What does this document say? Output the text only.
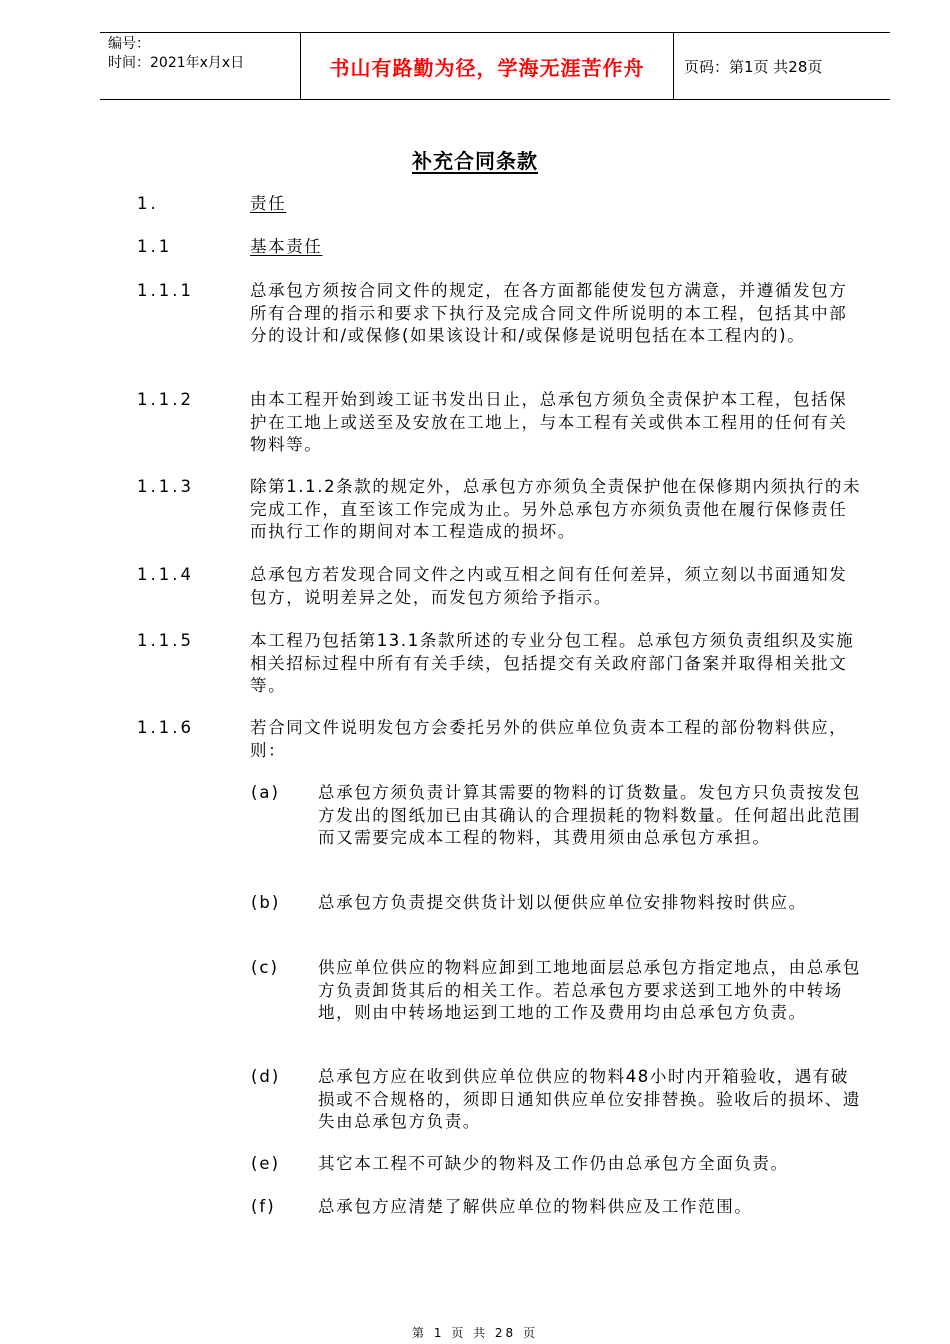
编号：
时间：2021年x月x日	书山有路勤为径，学海无涯苦作舟	页码：第1页 共28页
补充合同条款
1.	责任
1.1	基本责任
1.1.1	总承包方须按合同文件的规定，在各方面都能使发包方满意，并遵循发包方所有合理的指示和要求下执行及完成合同文件所说明的本工程，包括其中部分的设计和/或保修(如果该设计和/或保修是说明包括在本工程内的)。
1.1.2	由本工程开始到竣工证书发出日止，总承包方须负全责保护本工程，包括保护在工地上或送至及安放在工地上，与本工程有关或供本工程用的任何有关物料等。
1.1.3	除第1.1.2条款的规定外，总承包方亦须负全责保护他在保修期内须执行的未完成工作，直至该工作完成为止。另外总承包方亦须负责他在履行保修责任而执行工作的期间对本工程造成的损坏。
1.1.4	总承包方若发现合同文件之内或互相之间有任何差异，须立刻以书面通知发包方，说明差异之处，而发包方须给予指示。
1.1.5	本工程乃包括第13.1条款所述的专业分包工程。总承包方须负责组织及实施相关招标过程中所有有关手续，包括提交有关政府部门备案并取得相关批文等。
1.1.6	若合同文件说明发包方会委托另外的供应单位负责本工程的部份物料供应，则：
(a) 总承包方须负责计算其需要的物料的订货数量。发包方只负责按发包方发出的图纸加已由其确认的合理损耗的物料数量。任何超出此范围而又需要完成本工程的物料，其费用须由总承包方承担。
(b) 总承包方负责提交供货计划以便供应单位安排物料按时供应。
(c) 供应单位供应的物料应卸到工地地面层总承包方指定地点，由总承包方负责卸货其后的相关工作。若总承包方要求送到工地外的中转场地，则由中转场地运到工地的工作及费用均由总承包方负责。
(d) 总承包方应在收到供应单位供应的物料48小时内开箱验收，遇有破损或不合规格的，须即日通知供应单位安排替换。验收后的损坏、遗失由总承包方负责。
(e) 其它本工程不可缺少的物料及工作仍由总承包方全面负责。
(f)	总承包方应清楚了解供应单位的物料供应及工作范围。
第 1 页 共 28 页
